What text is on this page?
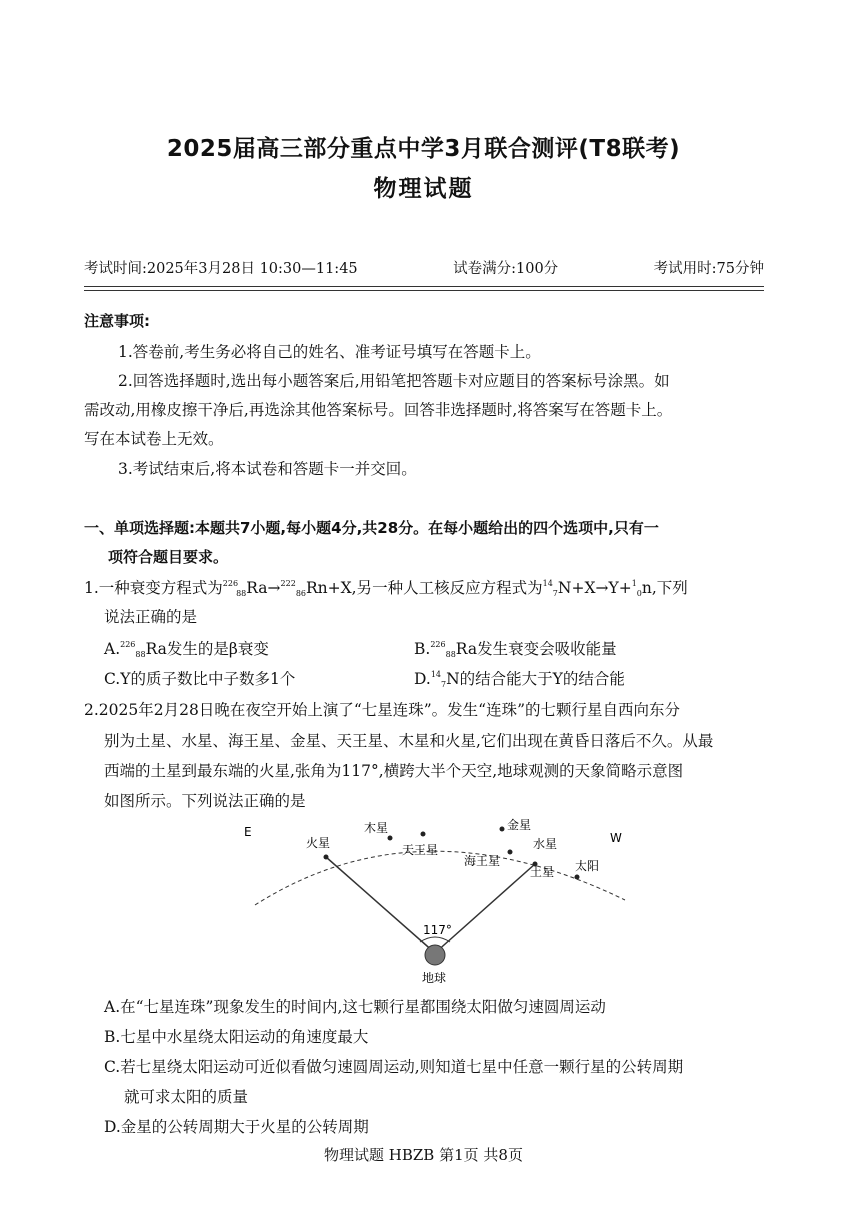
2025届高三部分重点中学3月联合测评(T8联考)
物理试题
考试时间:2025年3月28日 10:30—11:45	试卷满分:100分	考试用时:75分钟
注意事项:
1.答卷前,考生务必将自己的姓名、准考证号填写在答题卡上。
2.回答选择题时,选出每小题答案后,用铅笔把答题卡对应题目的答案标号涂黑。如
需改动,用橡皮擦干净后,再选涂其他答案标号。回答非选择题时,将答案写在答题卡上。
写在本试卷上无效。
3.考试结束后,将本试卷和答题卡一并交回。
一、单项选择题:本题共7小题,每小题4分,共28分。在每小题给出的四个选项中,只有一
项符合题目要求。
1.一种衰变方程式为$^{226}_{88}$Ra→$^{222}_{86}$Rn+X,另一种人工核反应方程式为$^{14}_7$N+X→Y+$^1_0$n,下列
说法正确的是
A.$^{226}_{88}$Ra发生的是β衰变	B.$^{226}_{88}$Ra发生衰变会吸收能量
C.Y的质子数比中子数多1个	D.$^{14}_7$N的结合能大于Y的结合能
2.2025年2月28日晚在夜空开始上演了“七星连珠”。发生“连珠”的七颗行星自西向东分
别为土星、水星、海王星、金星、天王星、木星和火星,它们出现在黄昏日落后不久。从最
西端的土星到最东端的火星,张角为117°,横跨大半个天空,地球观测的天象简略示意图
如图所示。下列说法正确的是
E	W
火星
木星
天王星
金星
海王星
水星
土星 太阳
117°
地球
A.在“七星连珠”现象发生的时间内,这七颗行星都围绕太阳做匀速圆周运动
B.七星中水星绕太阳运动的角速度最大
C.若七星绕太阳运动可近似看做匀速圆周运动,则知道七星中任意一颗行星的公转周期
就可求太阳的质量
D.金星的公转周期大于火星的公转周期
物理试题 HBZB 第1页 共8页
